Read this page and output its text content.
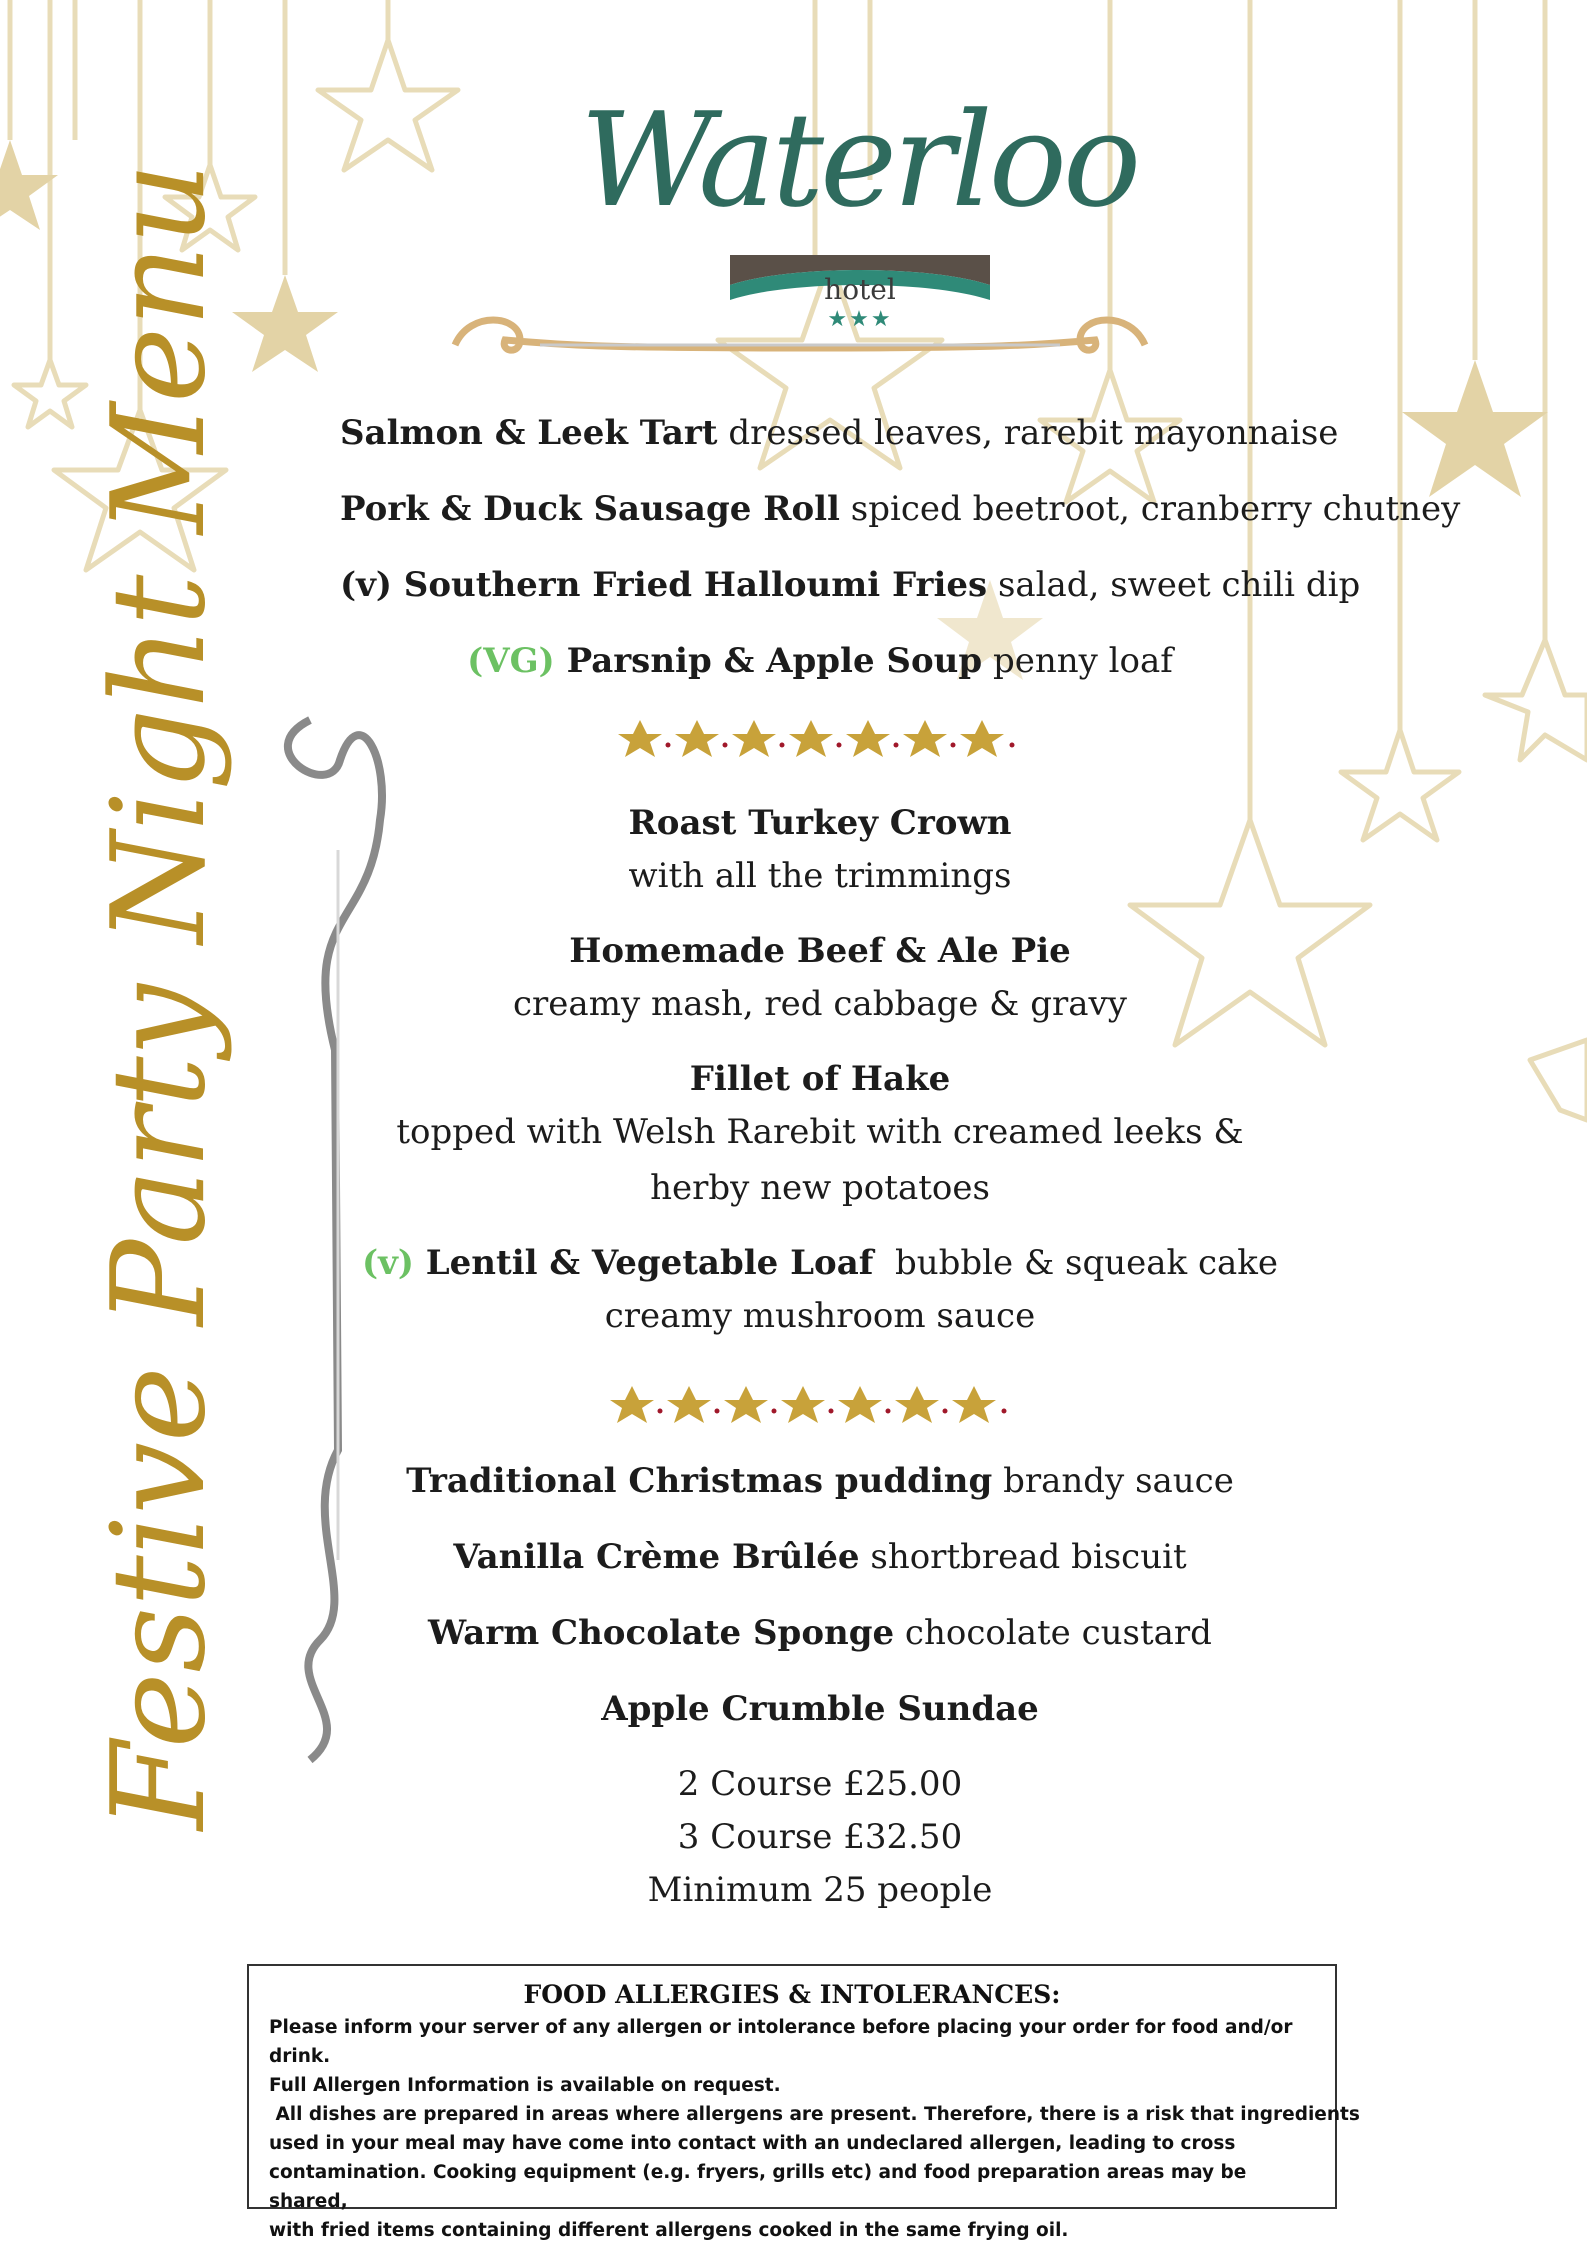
Waterloo
hotel
★★★
Festive Party Night Menu	Salmon & Leek Tart dressed leaves, rarebit mayonnaise

Pork & Duck Sausage Roll spiced beetroot, cranberry chutney

(v) Southern Fried Halloumi Fries salad, sweet chili dip

(VG) Parsnip & Apple Soup penny loaf

Roast Turkey Crown

with all the trimmings

Homemade Beef & Ale Pie

creamy mash, red cabbage & gravy

Fillet of Hake

topped with Welsh Rarebit with creamed leeks &

herby new potatoes

(v) Lentil & Vegetable Loaf  bubble & squeak cake

creamy mushroom sauce

Traditional Christmas pudding brandy sauce

Vanilla Crème Brûlée shortbread biscuit

Warm Chocolate Sponge chocolate custard

Apple Crumble Sundae

2 Course £25.00

3 Course £32.50

Minimum 25 people

FOOD ALLERGIES & INTOLERANCES:

Please inform your server of any allergen or intolerance before placing your order for food and/or drink.

Full Allergen Information is available on request.

All dishes are prepared in areas where allergens are present. Therefore, there is a risk that ingredients

used in your meal may have come into contact with an undeclared allergen, leading to cross

contamination. Cooking equipment (e.g. fryers, grills etc) and food preparation areas may be shared,

with fried items containing different allergens cooked in the same frying oil.
